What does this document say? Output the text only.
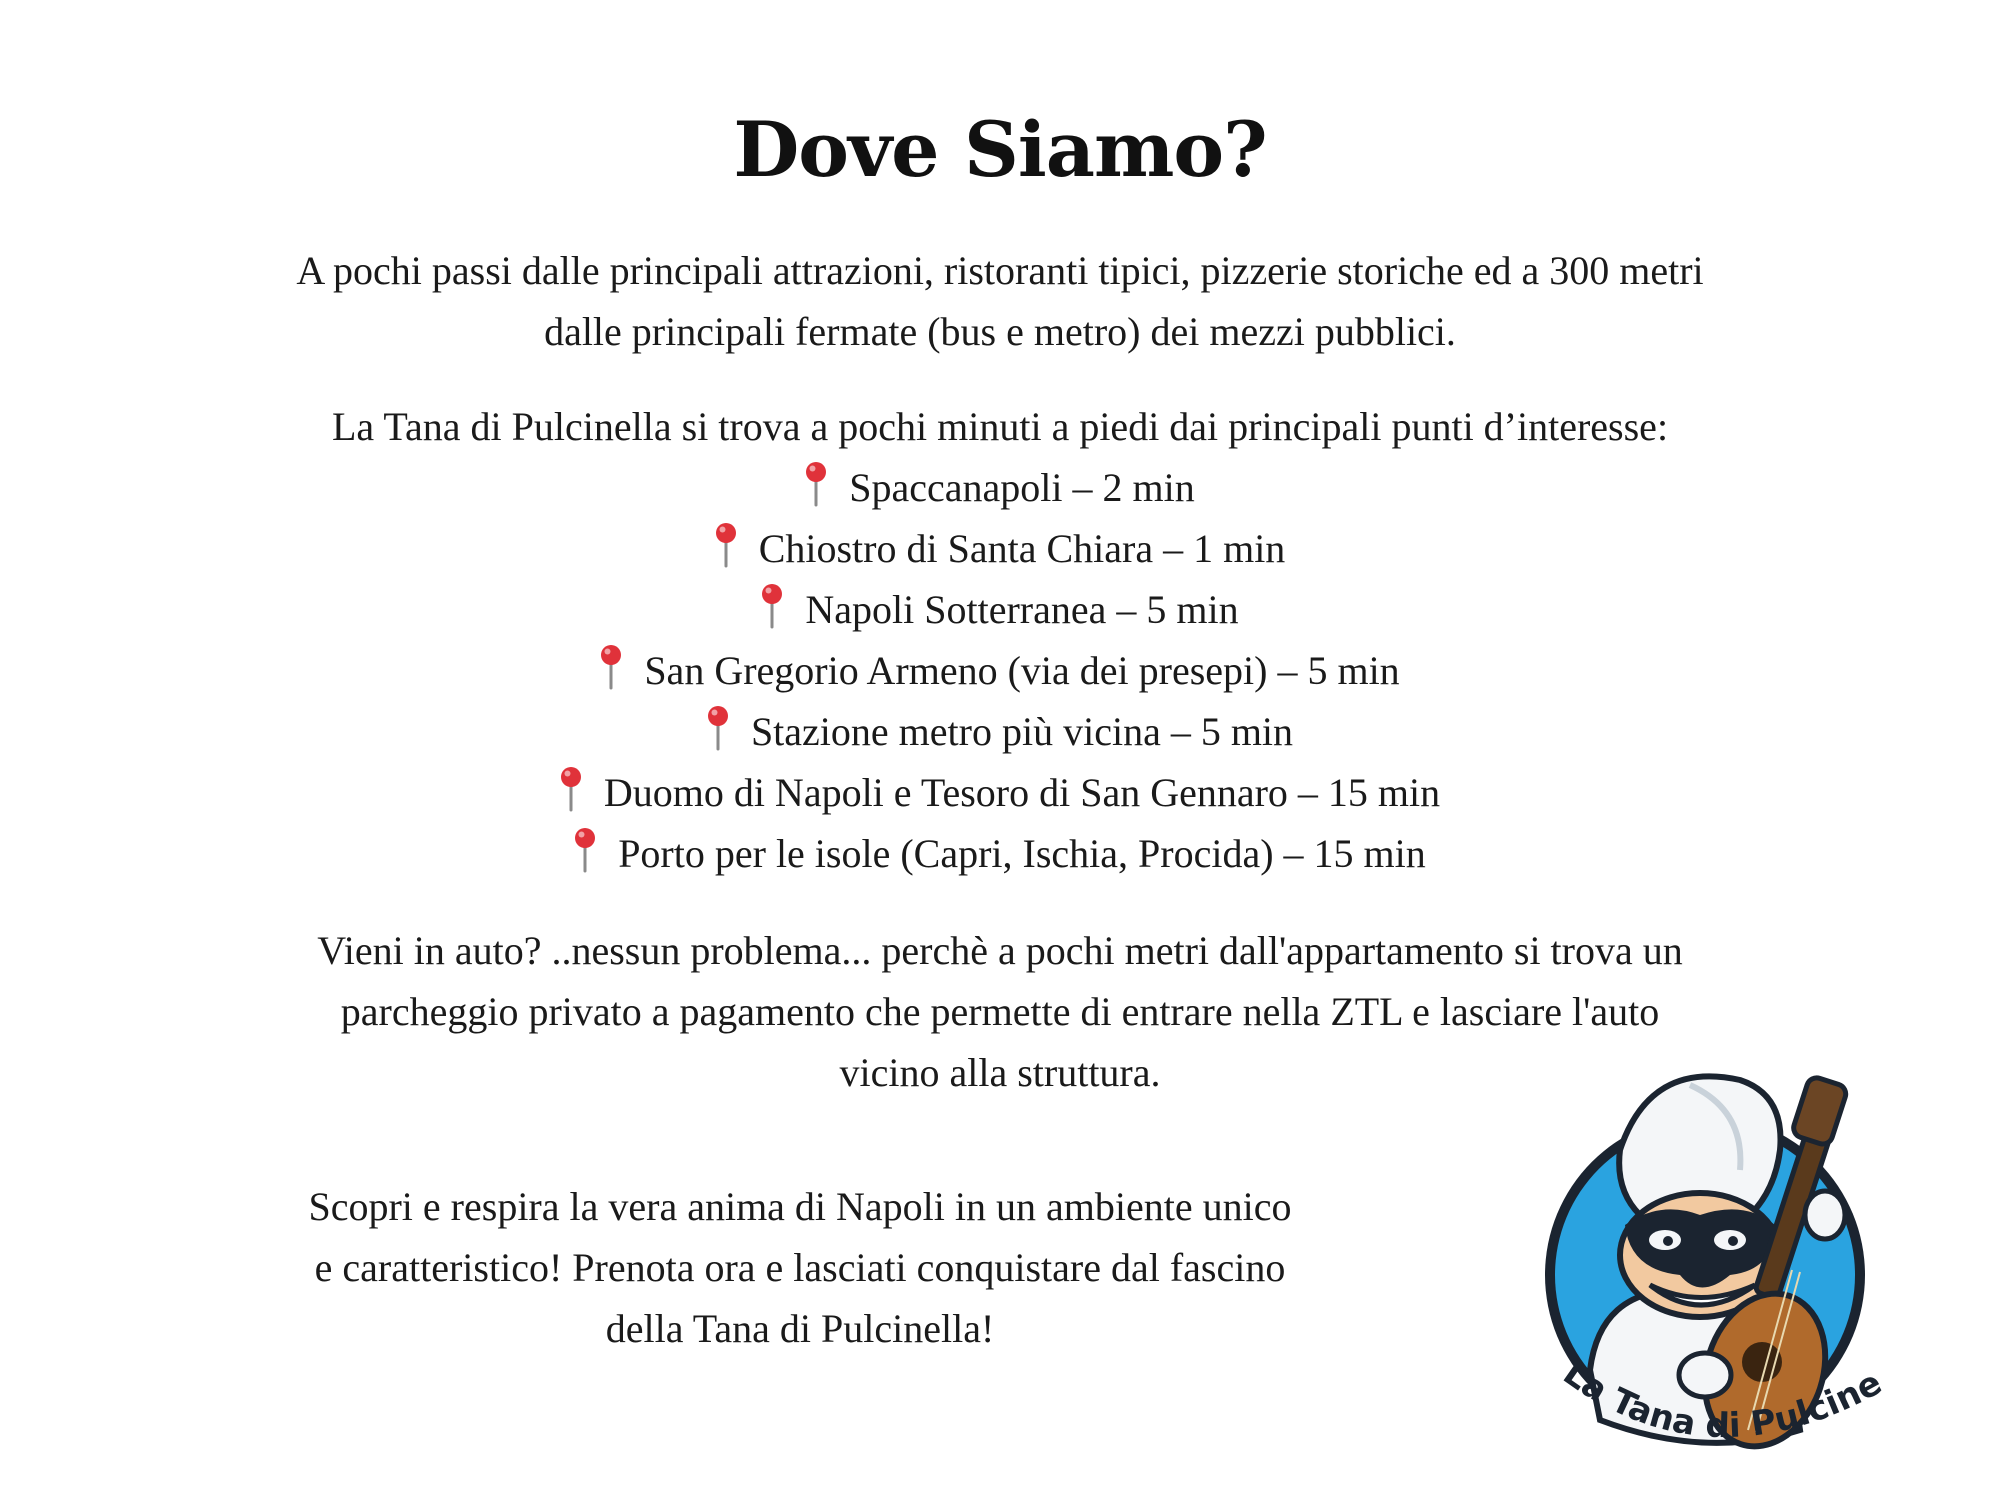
Dove Siamo?
A pochi passi dalle principali attrazioni, ristoranti tipici, pizzerie storiche ed a 300 metri
dalle principali fermate (bus e metro) dei mezzi pubblici.
La Tana di Pulcinella si trova a pochi minuti a piedi dai principali punti d’interesse:
Spaccanapoli – 2 min
Chiostro di Santa Chiara – 1 min
Napoli Sotterranea – 5 min
San Gregorio Armeno (via dei presepi) – 5 min
Stazione metro più vicina – 5 min
Duomo di Napoli e Tesoro di San Gennaro – 15 min
Porto per le isole (Capri, Ischia, Procida) – 15 min
Vieni in auto? ..nessun problema... perchè a pochi metri dall'appartamento si trova un
parcheggio privato a pagamento che permette di entrare nella ZTL e lasciare l'auto
vicino alla struttura.
Scopri e respira la vera anima di Napoli in un ambiente unico
e caratteristico! Prenota ora e lasciati conquistare dal fascino
della Tana di Pulcinella!
La Tana di Pulcine
